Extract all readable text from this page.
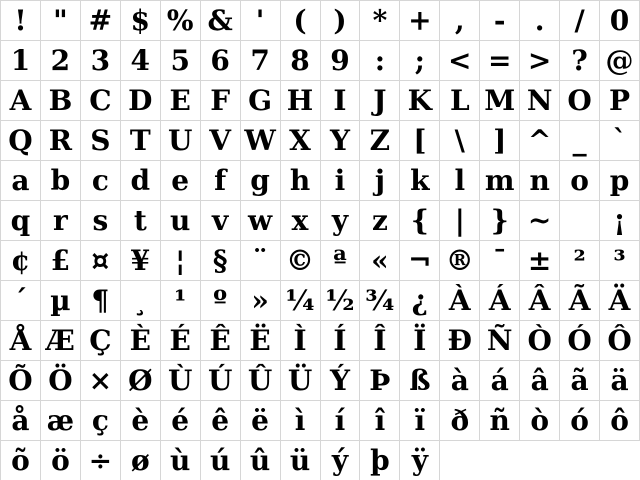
! " # $ % & '	( ) * + ,	-	.	/ 0
1 2 3 4 5 6 7 8 9 :	; < = > ? @
A B C D E F G H I J K L M N O P
Q R S T U V W X Y Z [	\	] ^ _ `
a b c d e f g h i	j k l m n o p
q r s t u v w x y z { | } ~	¡
¢ £ ¤ ¥ ¦ § ¨ © ª « ¬ ® ¯ ± ² ³
´ µ ¶ ¸ ¹ º » ¼ ½ ¾ ¿ À Á Â Ã Ä
Å Æ Ç È É Ê Ë Ì Í Î Ï Ð Ñ Ò Ó Ô
Õ Ö × Ø Ù Ú Û Ü Ý Þ ß à á â ã ä
å æ ç è é ê ë ì	í	î	ï ð ñ ò ó ô
õ ö ÷ ø ù ú û ü ý þ ÿ
